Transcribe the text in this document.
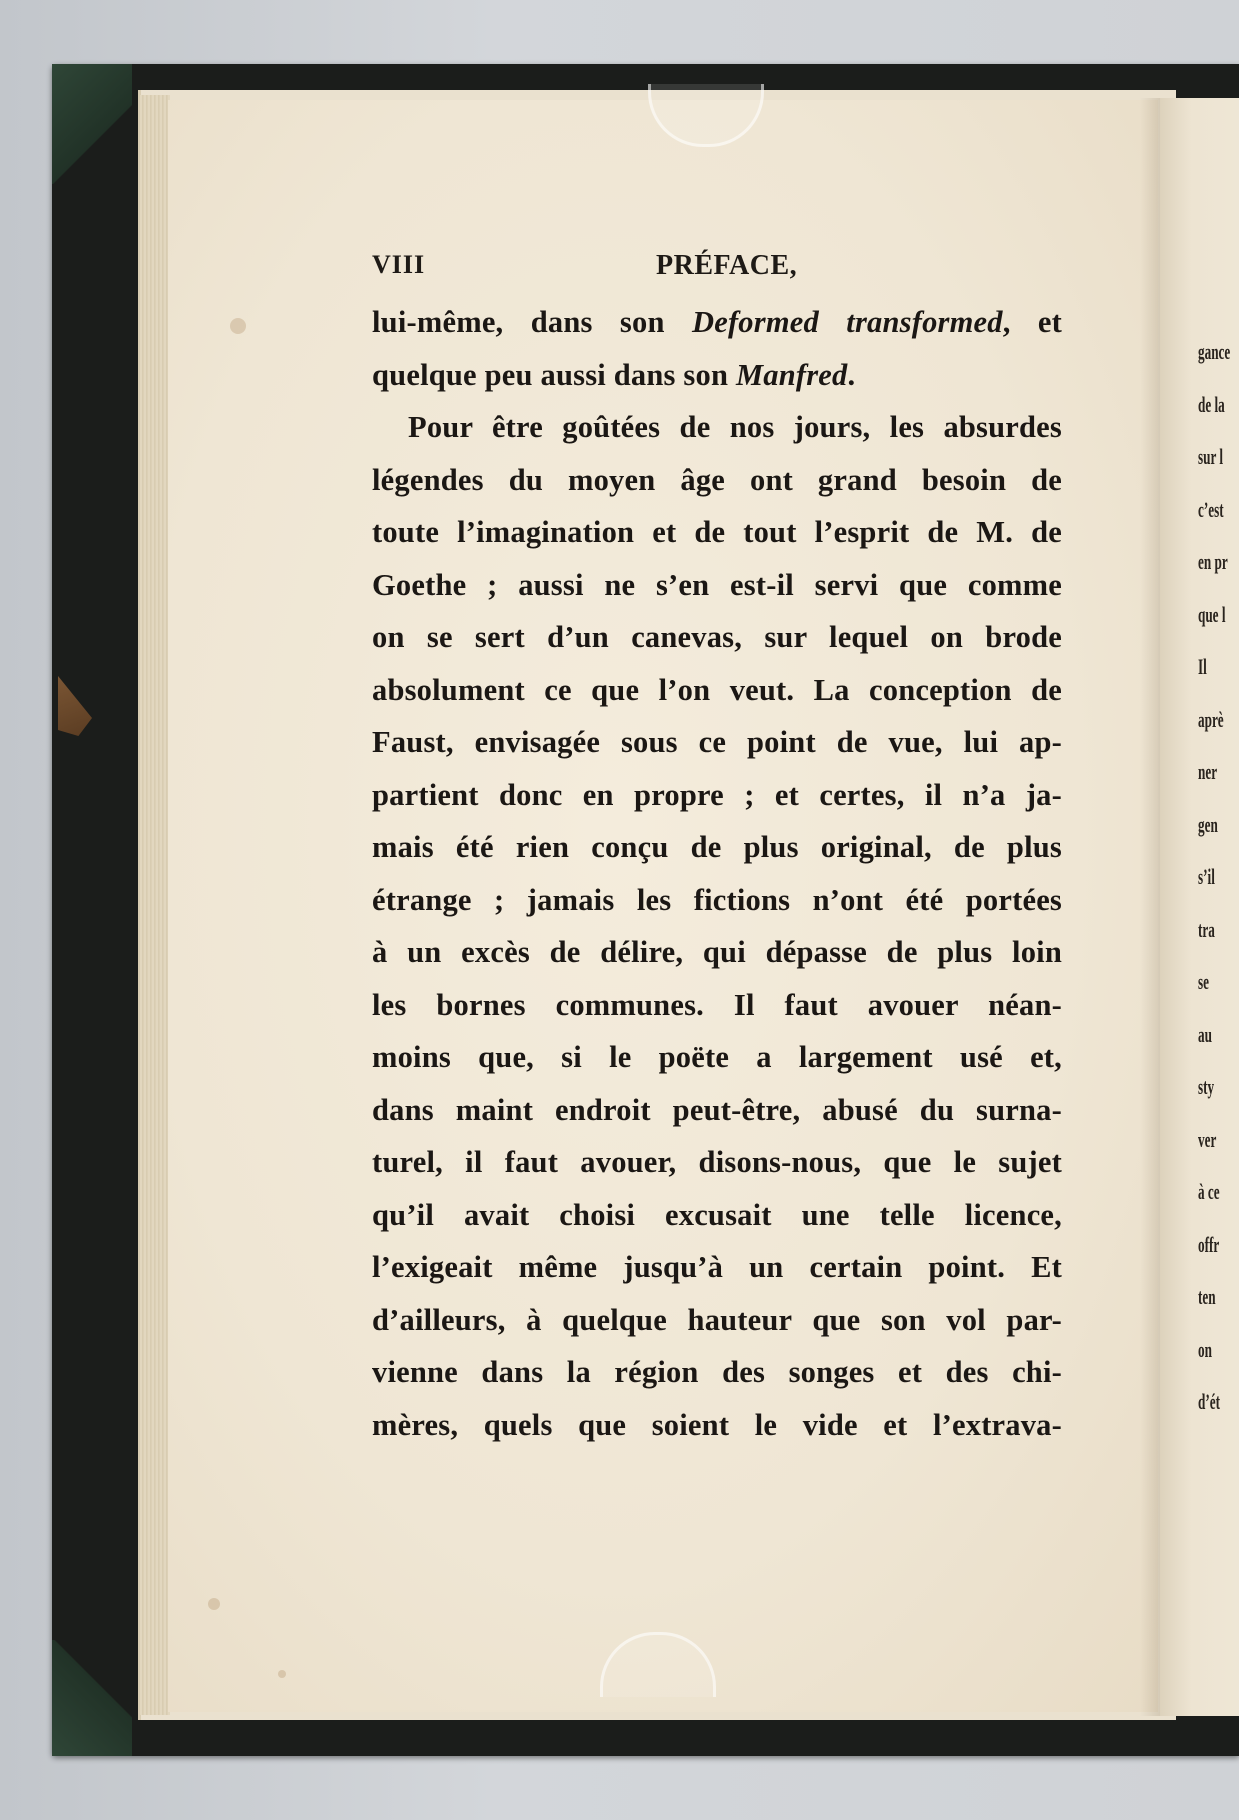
VIII	PRÉFACE,
lui-même, dans son Deformed transformed, et
quelque peu aussi dans son Manfred.
Pour être goûtées de nos jours, les absurdes
légendes du moyen âge ont grand besoin de
toute l’imagination et de tout l’esprit de M. de
Goethe ; aussi ne s’en est-il servi que comme
on se sert d’un canevas, sur lequel on brode
absolument ce que l’on veut. La conception de
Faust, envisagée sous ce point de vue, lui ap-
partient donc en propre ; et certes, il n’a ja-
mais été rien conçu de plus original, de plus
étrange ; jamais les fictions n’ont été portées
à un excès de délire, qui dépasse de plus loin
les bornes communes. Il faut avouer néan-
moins que, si le poëte a largement usé et,
dans maint endroit peut-être, abusé du surna-
turel, il faut avouer, disons-nous, que le sujet
qu’il avait choisi excusait une telle licence,
l’exigeait même jusqu’à un certain point. Et
d’ailleurs, à quelque hauteur que son vol par-
vienne dans la région des songes et des chi-
mères, quels que soient le vide et l’extrava-
gance
de la
sur l
c’est
en pr
que l
Il
aprè
ner
gen
s’il
tra
se
au
sty
ver
à ce
offr
ten
on
d’ét
